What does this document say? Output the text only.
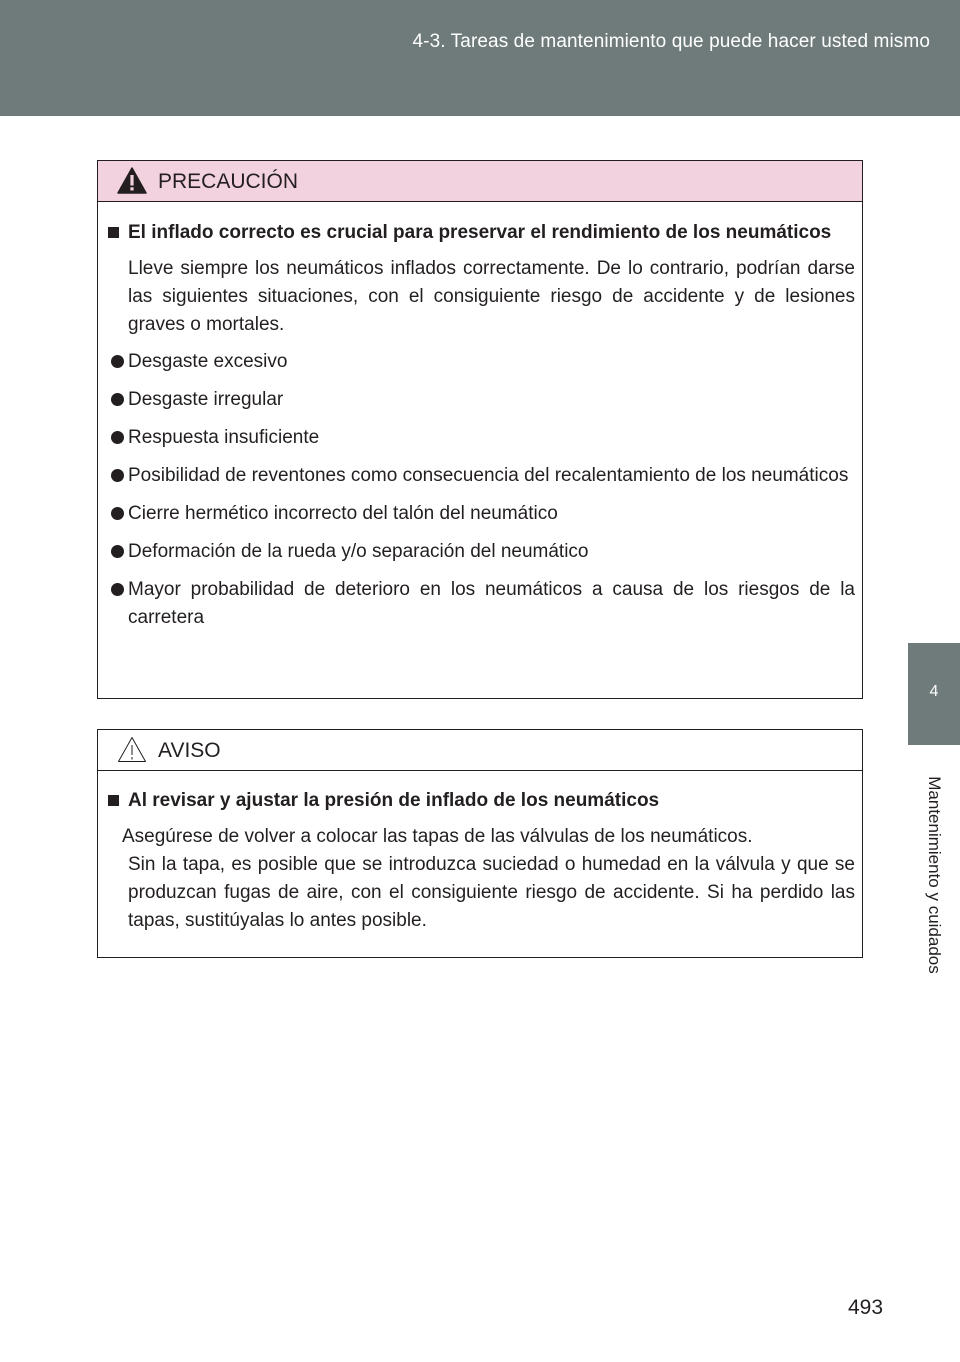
4-3. Tareas de mantenimiento que puede hacer usted mismo
4
Mantenimiento y cuidados
PRECAUCIÓN
El inflado correcto es crucial para preservar el rendimiento de los neumáticos
Lleve siempre los neumáticos inflados correctamente. De lo contrario, podrían darse las siguientes situaciones, con el consiguiente riesgo de accidente y de lesiones graves o mortales.
Desgaste excesivo
Desgaste irregular
Respuesta insuficiente
Posibilidad de reventones como consecuencia del recalentamiento de los neumáticos
Cierre hermético incorrecto del talón del neumático
Deformación de la rueda y/o separación del neumático
Mayor probabilidad de deterioro en los neumáticos a causa de los riesgos de la carretera
AVISO
Al revisar y ajustar la presión de inflado de los neumáticos
Asegúrese de volver a colocar las tapas de las válvulas de los neumáticos.
Sin la tapa, es posible que se introduzca suciedad o humedad en la válvula y que se produzcan fugas de aire, con el consiguiente riesgo de accidente. Si ha perdido las tapas, sustitúyalas lo antes posible.
493
